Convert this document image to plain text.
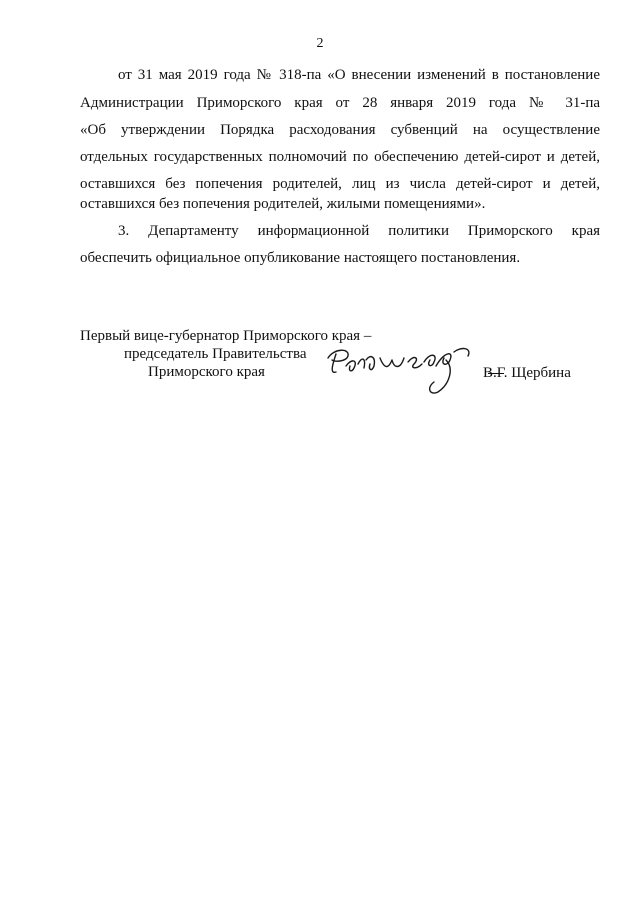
2
от 31 мая 2019 года № 318-па «О внесении изменений в постановление
Администрации Приморского края от 28 января 2019 года № 31-па
«Об утверждении Порядка расходования субвенций на осуществление
отдельных государственных полномочий по обеспечению детей-сирот и детей,
оставшихся без попечения родителей, лиц из числа детей-сирот и детей,
оставшихся без попечения родителей, жилыми помещениями».
3. Департаменту информационной политики Приморского края
обеспечить официальное опубликование настоящего постановления.
Первый вице-губернатор Приморского края –
председатель Правительства
Приморского края	В.Г. Щербина
